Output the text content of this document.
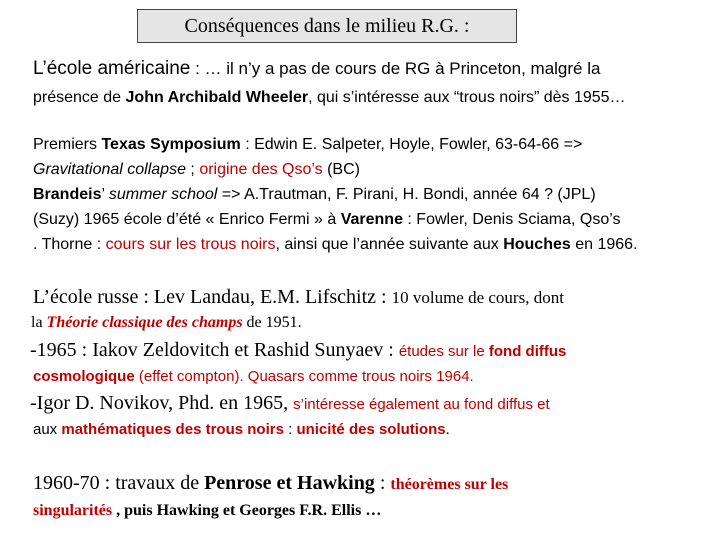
Conséquences dans le milieu R.G. :
L’école américaine : … il n’y a pas de cours de RG à Princeton, malgré la
présence de John Archibald Wheeler, qui s’intéresse aux “trous noirs” dès 1955…
Premiers Texas Symposium : Edwin E. Salpeter, Hoyle, Fowler, 63-64-66 =>
Gravitational collapse ; origine des Qso’s (BC)
Brandeis’ summer school => A.Trautman, F. Pirani, H. Bondi, année 64 ? (JPL)
(Suzy) 1965 école d’été « Enrico Fermi » à Varenne : Fowler, Denis Sciama, Qso’s
. Thorne : cours sur les trous noirs, ainsi que l’année suivante aux Houches en 1966.
L’école russe : Lev Landau, E.M. Lifschitz : 10 volume de cours, dont
la Théorie classique des champs de 1951.
-1965 : Iakov Zeldovitch et Rashid Sunyaev : études sur le fond diffus
cosmologique (effet compton). Quasars comme trous noirs 1964.
-Igor D. Novikov, Phd. en 1965, s’intéresse également au fond diffus et
aux mathématiques des trous noirs : unicité des solutions.
1960-70 : travaux de Penrose et Hawking : théorèmes sur les
singularités , puis Hawking et Georges F.R. Ellis …
